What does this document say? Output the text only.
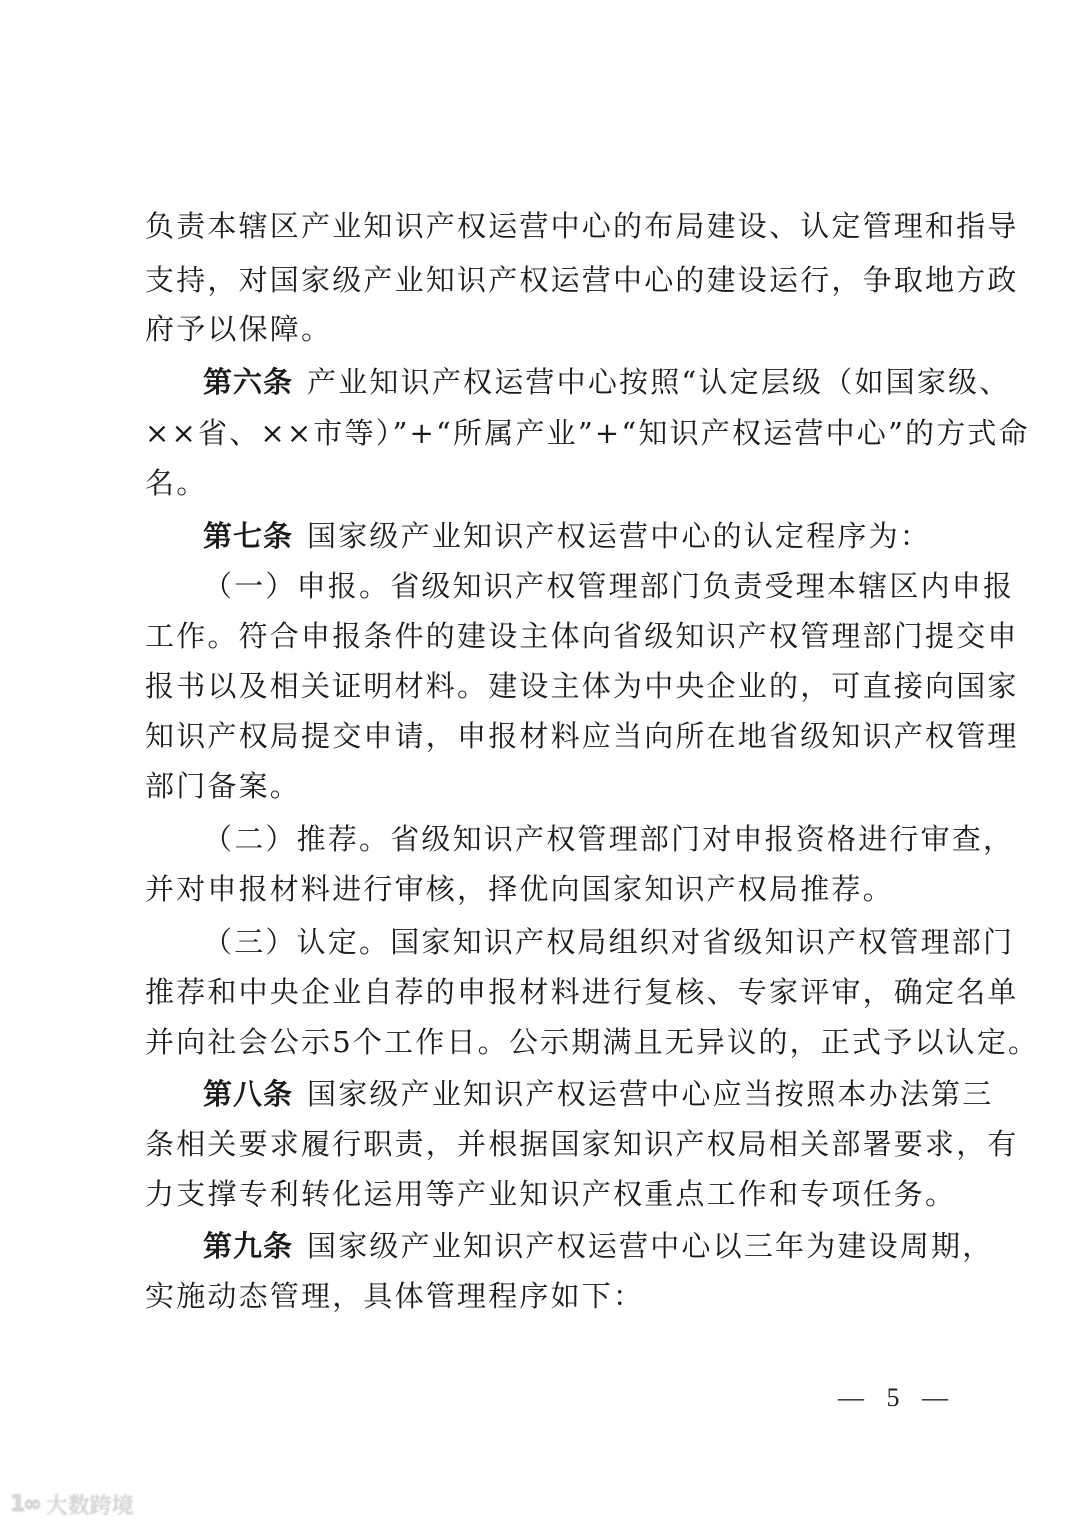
负责本辖区产业知识产权运营中心的布局建设、认定管理和指导
支持，对国家级产业知识产权运营中心的建设运行，争取地方政
府予以保障。
第六条 产业知识产权运营中心按照“认定层级（如国家级、
××省、××市等）”+“所属产业”+“知识产权运营中心”的方式命
名。
第七条 国家级产业知识产权运营中心的认定程序为：
（一）申报。省级知识产权管理部门负责受理本辖区内申报
工作。符合申报条件的建设主体向省级知识产权管理部门提交申
报书以及相关证明材料。建设主体为中央企业的，可直接向国家
知识产权局提交申请，申报材料应当向所在地省级知识产权管理
部门备案。
（二）推荐。省级知识产权管理部门对申报资格进行审查，
并对申报材料进行审核，择优向国家知识产权局推荐。
（三）认定。国家知识产权局组织对省级知识产权管理部门
推荐和中央企业自荐的申报材料进行复核、专家评审，确定名单
并向社会公示5个工作日。公示期满且无异议的，正式予以认定。
第八条 国家级产业知识产权运营中心应当按照本办法第三
条相关要求履行职责，并根据国家知识产权局相关部署要求，有
力支撑专利转化运用等产业知识产权重点工作和专项任务。
第九条 国家级产业知识产权运营中心以三年为建设周期，
实施动态管理，具体管理程序如下：
— 5 —
1∞ 大数跨境
